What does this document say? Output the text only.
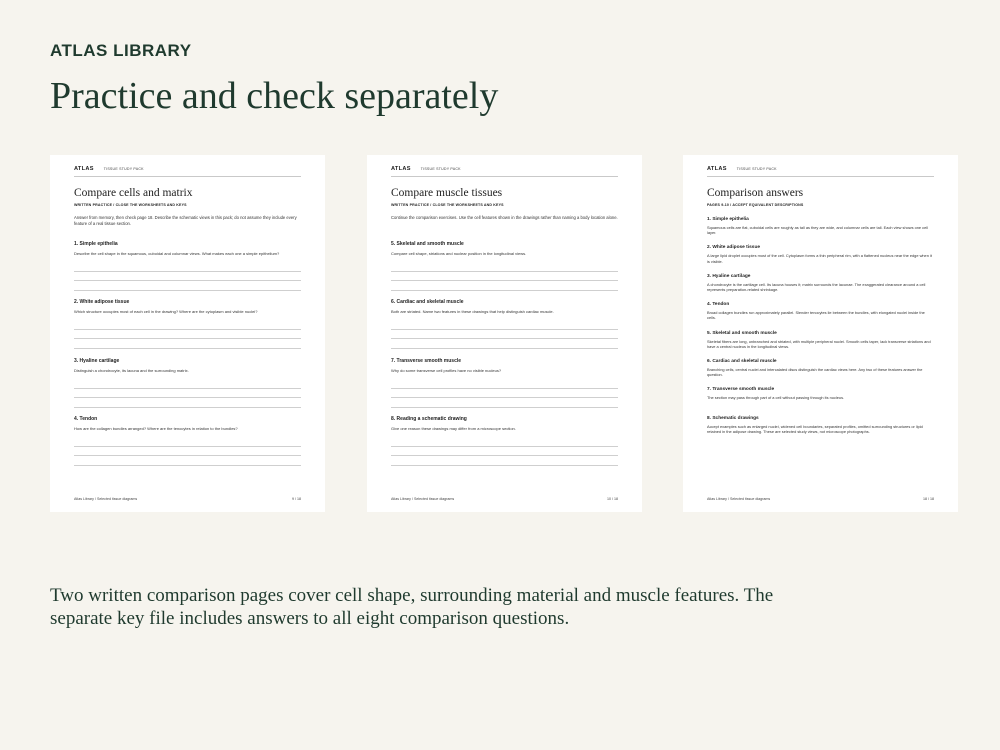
ATLAS LIBRARY
Practice and check separately
ATLAS	TISSUE STUDY PACK
Compare cells and matrix
WRITTEN PRACTICE / CLOSE THE WORKSHEETS AND KEYS
Answer from memory, then check page 18. Describe the schematic views in this pack; do not assume they include every feature of a real tissue section.
1. Simple epithelia
Describe the cell shape in the squamous, cuboidal and columnar views. What makes each one a simple epithelium?
2. White adipose tissue
Which structure occupies most of each cell in the drawing? Where are the cytoplasm and visible nuclei?
3. Hyaline cartilage
Distinguish a chondrocyte, its lacuna and the surrounding matrix.
4. Tendon
How are the collagen bundles arranged? Where are the tenocytes in relation to the bundles?
Atlas Library / Selected tissue diagrams	9 / 18
ATLAS	TISSUE STUDY PACK
Compare muscle tissues
WRITTEN PRACTICE / CLOSE THE WORKSHEETS AND KEYS
Continue the comparison exercises. Use the cell features shown in the drawings rather than naming a body location alone.
5. Skeletal and smooth muscle
Compare cell shape, striations and nuclear position in the longitudinal views.
6. Cardiac and skeletal muscle
Both are striated. Name two features in these drawings that help distinguish cardiac muscle.
7. Transverse smooth muscle
Why do some transverse cell profiles have no visible nucleus?
8. Reading a schematic drawing
Give one reason these drawings may differ from a microscope section.
Atlas Library / Selected tissue diagrams	10 / 18
ATLAS	TISSUE STUDY PACK
Comparison answers
PAGES 9-10 / ACCEPT EQUIVALENT DESCRIPTIONS
1. Simple epithelia
Squamous cells are flat, cuboidal cells are roughly as tall as they are wide, and columnar cells are tall. Each view shows one cell layer.
2. White adipose tissue
A large lipid droplet occupies most of the cell. Cytoplasm forms a thin peripheral rim, with a flattened nucleus near the edge when it is visible.
3. Hyaline cartilage
A chondrocyte is the cartilage cell. Its lacuna houses it; matrix surrounds the lacunae. The exaggerated clearance around a cell represents preparation-related shrinkage.
4. Tendon
Broad collagen bundles run approximately parallel. Slender tenocytes lie between the bundles, with elongated nuclei inside the cells.
5. Skeletal and smooth muscle
Skeletal fibers are long, unbranched and striated, with multiple peripheral nuclei. Smooth cells taper, lack transverse striations and have a central nucleus in the longitudinal views.
6. Cardiac and skeletal muscle
Branching cells, central nuclei and intercalated discs distinguish the cardiac views here. Any two of these features answer the question.
7. Transverse smooth muscle
The section may pass through part of a cell without passing through its nucleus.
8. Schematic drawings
Accept examples such as enlarged nuclei, widened cell boundaries, separated profiles, omitted surrounding structures or lipid retained in the adipose drawing. These are selected study views, not microscope photographs.
Atlas Library / Selected tissue diagrams	18 / 18

Two written comparison pages cover cell shape, surrounding material and muscle features. The separate key file includes answers to all eight comparison questions.
